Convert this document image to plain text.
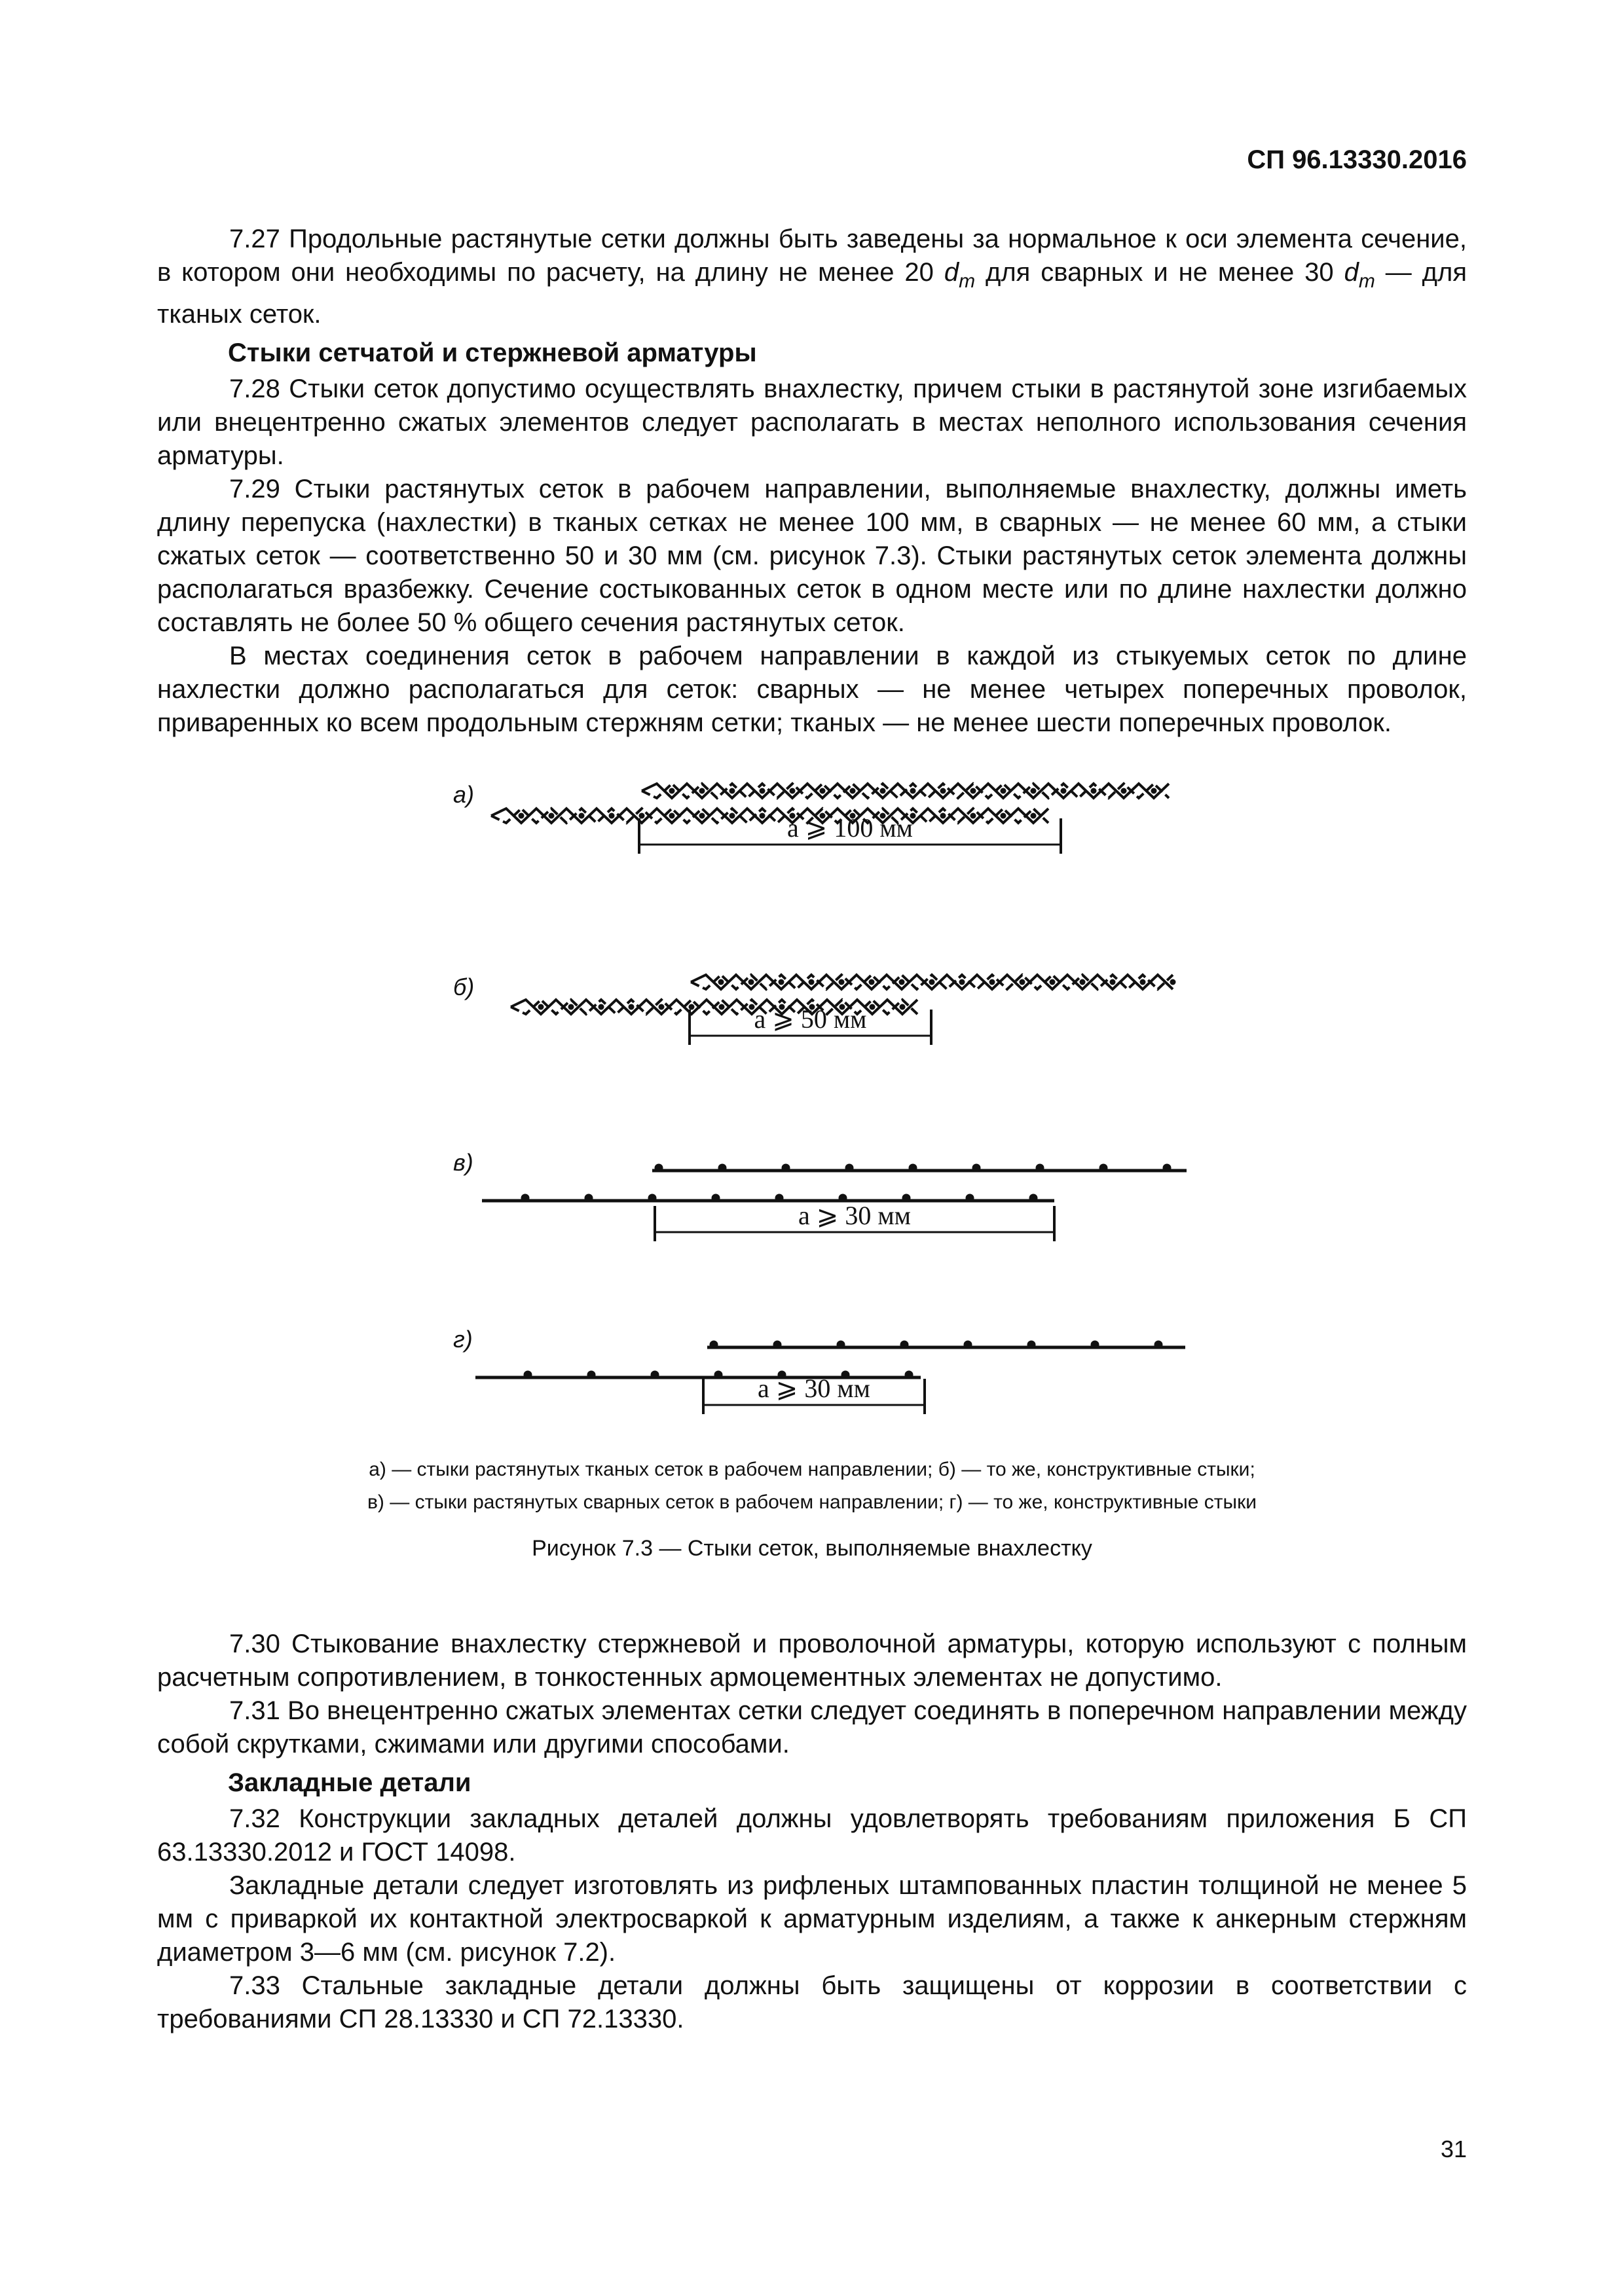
СП 96.13330.2016

7.27 Продольные растянутые сетки должны быть заведены за нормальное к оси элемента сечение, в котором они необходимы по расчету, на длину не менее 20 $d_m$ для сварных и не менее 30 $d_m$ — для тканых сеток.

Стыки сетчатой и стержневой арматуры

7.28 Стыки сеток допустимо осуществлять внахлестку, причем стыки в растянутой зоне изгибаемых или внецентренно сжатых элементов следует располагать в местах неполного использования сечения арматуры.

7.29 Стыки растянутых сеток в рабочем направлении, выполняемые внахлестку, должны иметь длину перепуска (нахлестки) в тканых сетках не менее 100 мм, в сварных — не менее 60 мм, а стыки сжатых сеток — соответственно 50 и 30 мм (см. рисунок 7.3). Стыки растянутых сеток элемента должны располагаться вразбежку. Сечение состыкованных сеток в одном месте или по длине нахлестки должно составлять не более 50 % общего сечения растянутых сеток.

В местах соединения сеток в рабочем направлении в каждой из стыкуемых сеток по длине нахлестки должно располагаться для сеток: сварных — не менее четырех поперечных проволок, приваренных ко всем продольным стержням сетки; тканых — не менее шести поперечных проволок.

a ⩾ 100 мм
a ⩾ 50 мм
a ⩾ 30 мм
a ⩾ 30 мм
а)
б)
в)
г)
а) — стыки растянутых тканых сеток в рабочем направлении; б) — то же, конструктивные стыки;
в) — стыки растянутых сварных сеток в рабочем направлении; г) — то же, конструктивные стыки
Рисунок 7.3 — Стыки сеток, выполняемые внахлестку

7.30 Стыкование внахлестку стержневой и проволочной арматуры, которую используют с полным расчетным сопротивлением, в тонкостенных армоцементных элементах не допустимо.

7.31 Во внецентренно сжатых элементах сетки следует соединять в поперечном направлении между собой скрутками, сжимами или другими способами.

Закладные детали

7.32 Конструкции закладных деталей должны удовлетворять требованиям приложения Б СП 63.13330.2012 и ГОСТ 14098.

Закладные детали следует изготовлять из рифленых штампованных пластин толщиной не менее 5 мм с приваркой их контактной электросваркой к арматурным изделиям, а также к анкерным стержням диаметром 3—6 мм (см. рисунок 7.2).

7.33 Стальные закладные детали должны быть защищены от коррозии в соответствии с требованиями СП 28.13330 и СП 72.13330.

31
